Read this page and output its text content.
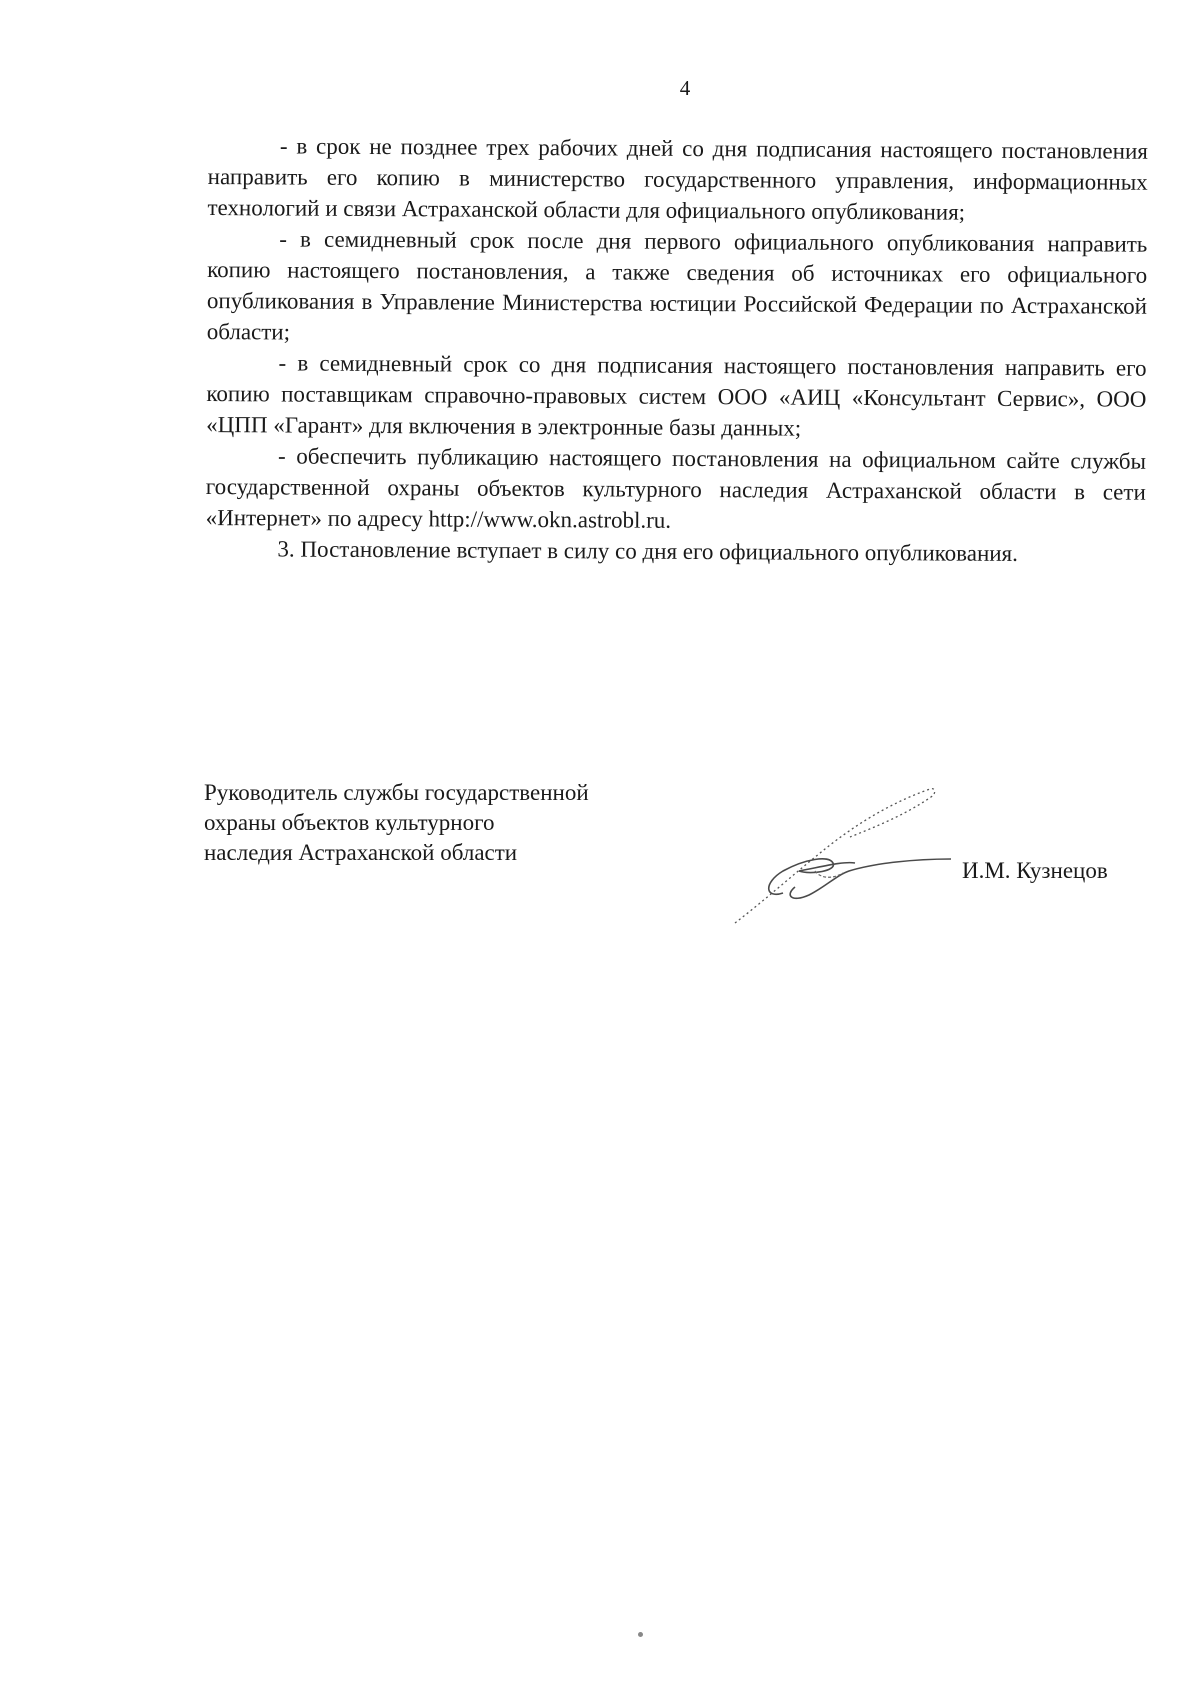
4

- в срок не позднее трех рабочих дней со дня подписания настоящего постановления направить его копию в министерство государственного управления, информационных технологий и связи Астраханской области для официального опубликования;

- в семидневный срок после дня первого официального опубликования направить копию настоящего постановления, а также сведения об источниках его официального опубликования в Управление Министерства юстиции Российской Федерации по Астраханской области;

- в семидневный срок со дня подписания настоящего постановления направить его копию поставщикам справочно-правовых систем ООО «АИЦ «Консультант Сервис», ООО «ЦПП «Гарант» для включения в электронные базы данных;

- обеспечить публикацию настоящего постановления на официальном сайте службы государственной охраны объектов культурного наследия Астраханской области в сети «Интернет» по адресу http://www.okn.astrobl.ru.

3. Постановление вступает в силу со дня его официального опубликования.

Руководитель службы государственной
охраны объектов культурного
наследия Астраханской области
И.М. Кузнецов
